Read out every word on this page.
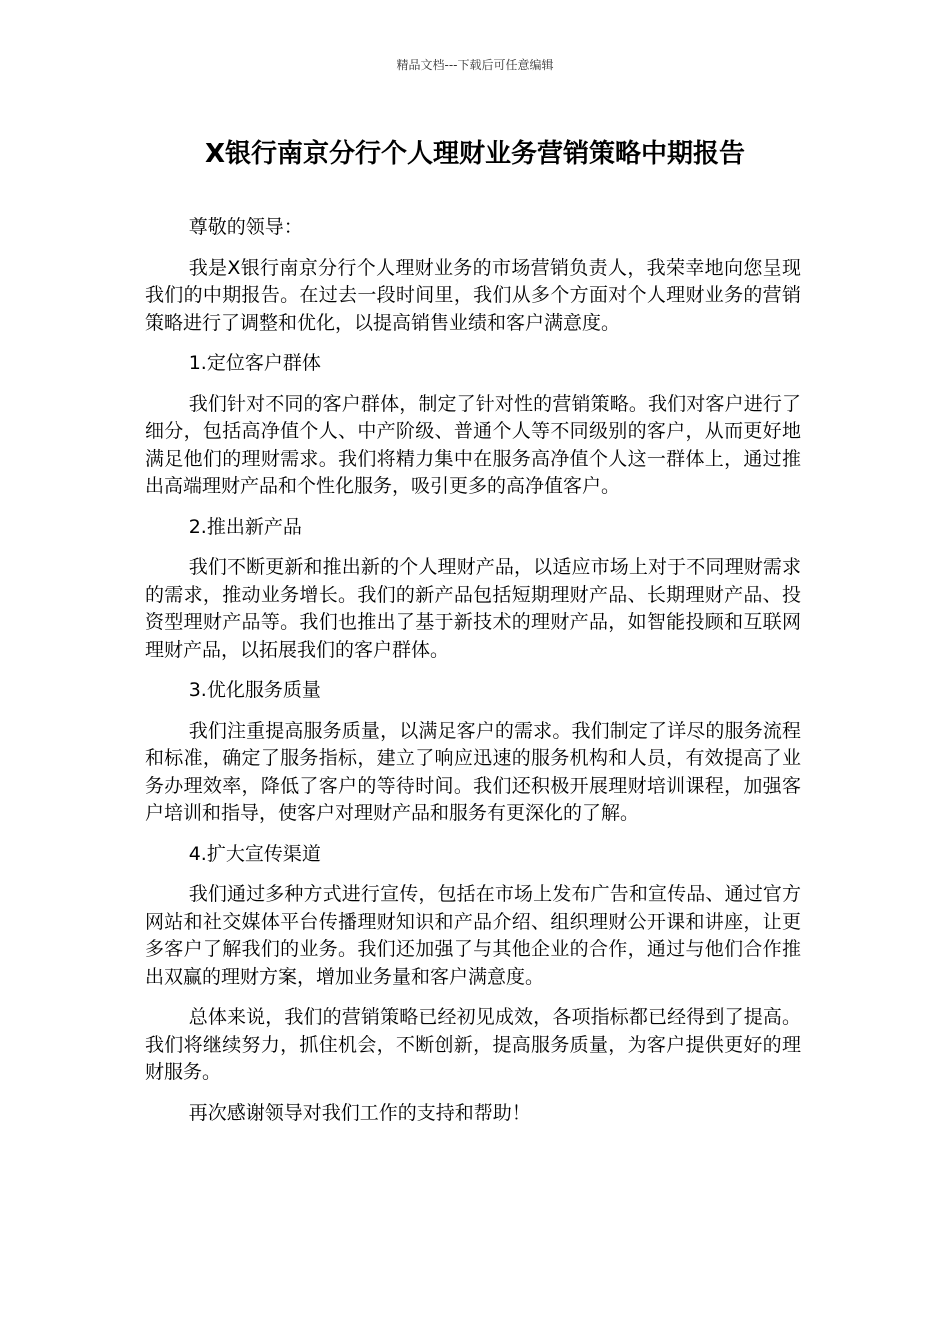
精品文档---下载后可任意编辑
X银行南京分行个人理财业务营销策略中期报告

尊敬的领导：

我是X银行南京分行个人理财业务的市场营销负责人，我荣幸地向您呈现我们的中期报告。在过去一段时间里，我们从多个方面对个人理财业务的营销策略进行了调整和优化，以提高销售业绩和客户满意度。

1.定位客户群体

我们针对不同的客户群体，制定了针对性的营销策略。我们对客户进行了细分，包括高净值个人、中产阶级、普通个人等不同级别的客户，从而更好地满足他们的理财需求。我们将精力集中在服务高净值个人这一群体上，通过推出高端理财产品和个性化服务，吸引更多的高净值客户。

2.推出新产品

我们不断更新和推出新的个人理财产品，以适应市场上对于不同理财需求的需求，推动业务增长。我们的新产品包括短期理财产品、长期理财产品、投资型理财产品等。我们也推出了基于新技术的理财产品，如智能投顾和互联网理财产品，以拓展我们的客户群体。

3.优化服务质量

我们注重提高服务质量，以满足客户的需求。我们制定了详尽的服务流程和标准，确定了服务指标，建立了响应迅速的服务机构和人员，有效提高了业务办理效率，降低了客户的等待时间。我们还积极开展理财培训课程，加强客户培训和指导，使客户对理财产品和服务有更深化的了解。

4.扩大宣传渠道

我们通过多种方式进行宣传，包括在市场上发布广告和宣传品、通过官方网站和社交媒体平台传播理财知识和产品介绍、组织理财公开课和讲座，让更多客户了解我们的业务。我们还加强了与其他企业的合作，通过与他们合作推出双赢的理财方案，增加业务量和客户满意度。

总体来说，我们的营销策略已经初见成效，各项指标都已经得到了提高。我们将继续努力，抓住机会，不断创新，提高服务质量，为客户提供更好的理财服务。

再次感谢领导对我们工作的支持和帮助！
